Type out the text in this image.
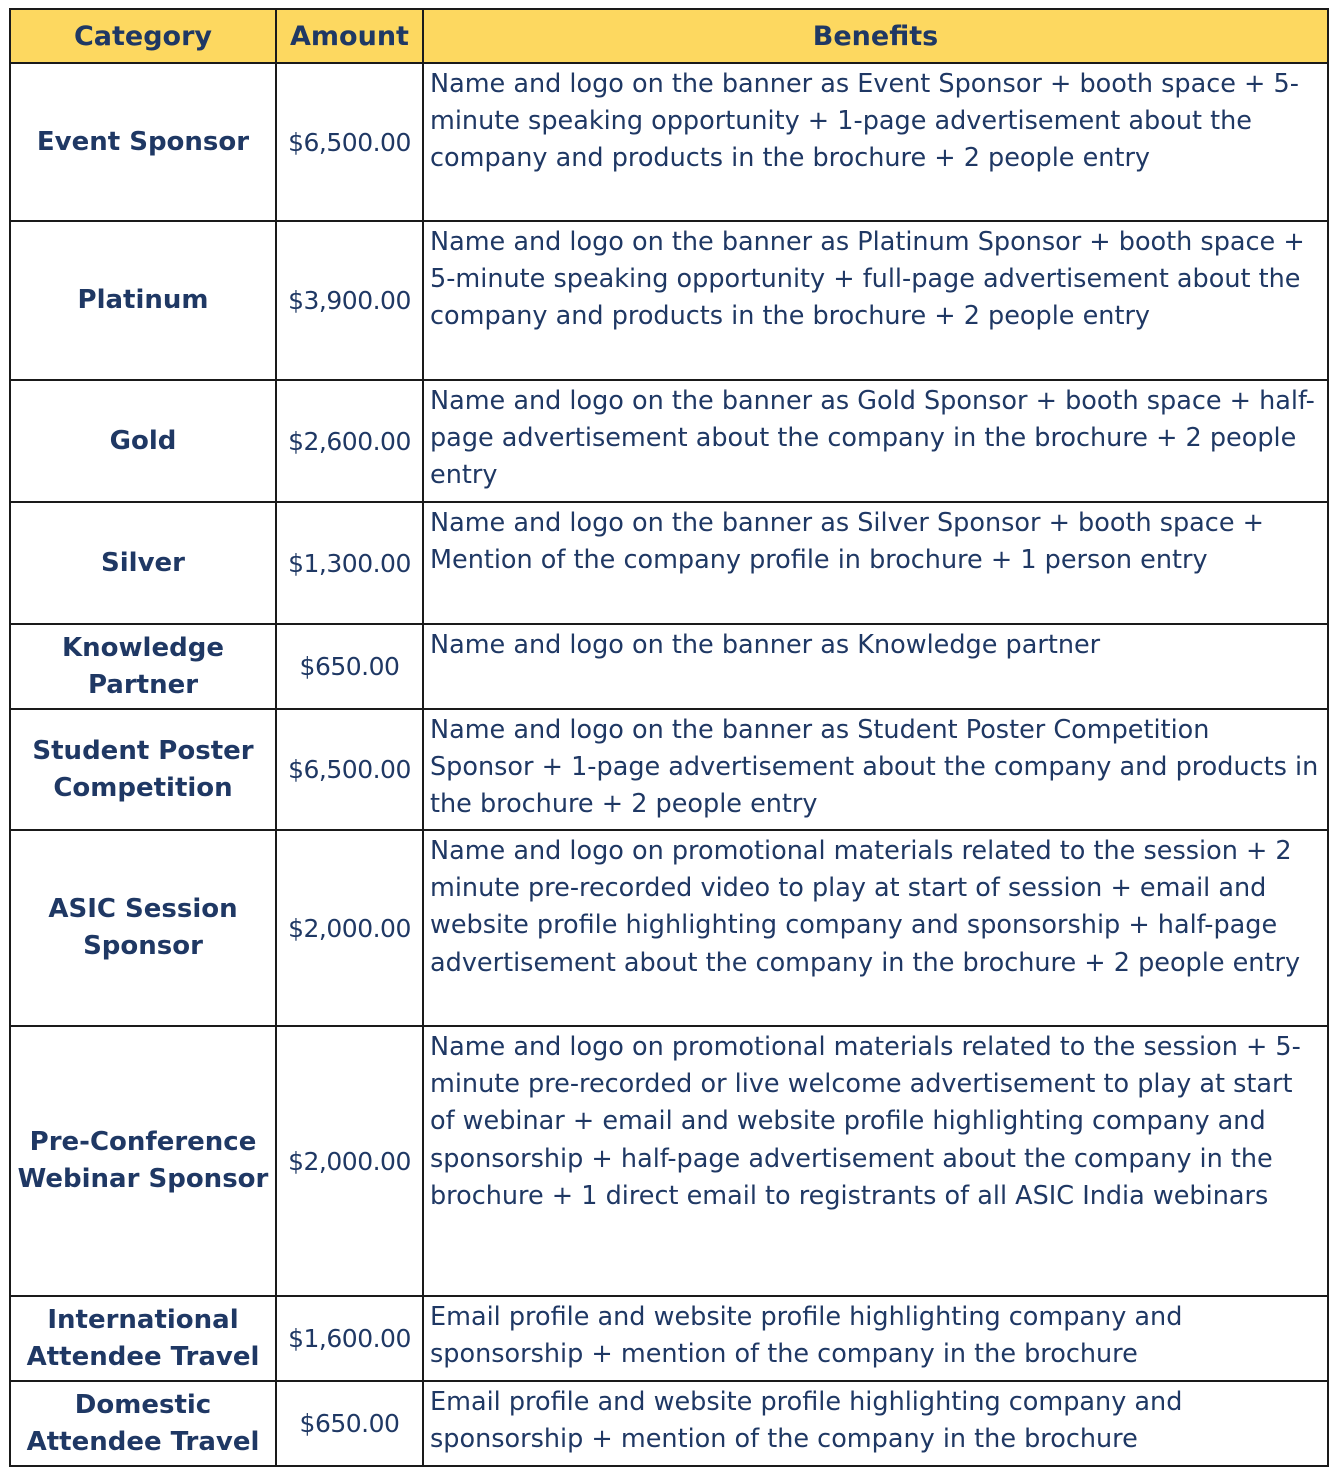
Category	Amount	Benefits
Event Sponsor	$6,500.00	Name and logo on the banner as Event Sponsor + booth space + 5-minute speaking opportunity + 1-page advertisement about the company and products in the brochure + 2 people entry
Platinum	$3,900.00	Name and logo on the banner as Platinum Sponsor + booth space + 5-minute speaking opportunity + full-page advertisement about the company and products in the brochure + 2 people entry
Gold	$2,600.00	Name and logo on the banner as Gold Sponsor + booth space + half-page advertisement about the company in the brochure + 2 people entry
Silver	$1,300.00	Name and logo on the banner as Silver Sponsor + booth space + Mention of the company profile in brochure + 1 person entry
Knowledge Partner	$650.00	Name and logo on the banner as Knowledge partner
Student Poster Competition	$6,500.00	Name and logo on the banner as Student Poster Competition Sponsor + 1-page advertisement about the company and products in the brochure + 2 people entry
ASIC Session Sponsor	$2,000.00	Name and logo on promotional materials related to the session + 2 minute pre-recorded video to play at start of session + email and website profile highlighting company and sponsorship + half-page advertisement about the company in the brochure + 2 people entry
Pre-Conference Webinar Sponsor	$2,000.00	Name and logo on promotional materials related to the session + 5-minute pre-recorded or live welcome advertisement to play at start of webinar + email and website profile highlighting company and sponsorship + half-page advertisement about the company in the brochure + 1 direct email to registrants of all ASIC India webinars
International Attendee Travel	$1,600.00	Email profile and website profile highlighting company and sponsorship + mention of the company in the brochure
Domestic Attendee Travel	$650.00	Email profile and website profile highlighting company and sponsorship + mention of the company in the brochure
